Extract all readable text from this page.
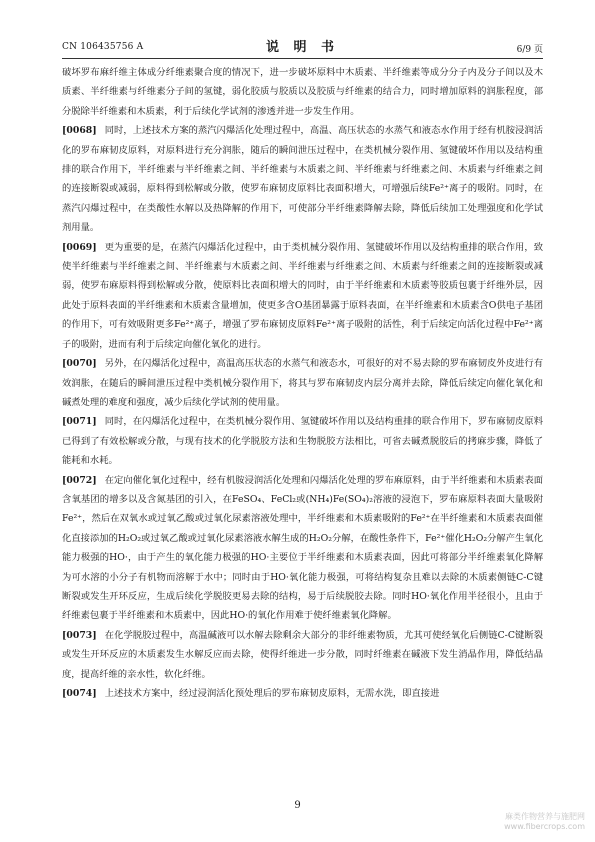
CN 106435756 A	说 明 书	6/9 页

破坏罗布麻纤维主体成分纤维素聚合度的情况下，进一步破坏原料中木质素、半纤维素等成分分子内及分子间以及木质素、半纤维素与纤维素分子间的氢键，弱化胶质与胶质以及胶质与纤维素的结合力，同时增加原料的润胀程度，部分脱除半纤维素和木质素，利于后续化学试剂的渗透并进一步发生作用。

[0068] 同时，上述技术方案的蒸汽闪爆活化处理过程中，高温、高压状态的水蒸气和液态水作用于经有机胺浸润活化的罗布麻韧皮原料，对原料进行充分润胀，随后的瞬间泄压过程中，在类机械分裂作用、氢键破坏作用以及结构重排的联合作用下，半纤维素与半纤维素之间、半纤维素与木质素之间、半纤维素与纤维素之间、木质素与纤维素之间的连接断裂或减弱，原料得到松解或分散，使罗布麻韧皮原料比表面积增大，可增强后续Fe²⁺离子的吸附。同时，在蒸汽闪爆过程中，在类酸性水解以及热降解的作用下，可使部分半纤维素降解去除，降低后续加工处理强度和化学试剂用量。

[0069] 更为重要的是，在蒸汽闪爆活化过程中，由于类机械分裂作用、氢键破坏作用以及结构重排的联合作用，致使半纤维素与半纤维素之间、半纤维素与木质素之间、半纤维素与纤维素之间、木质素与纤维素之间的连接断裂或减弱，使罗布麻原料得到松解或分散，使原料比表面积增大的同时，由于半纤维素和木质素等胶质包裹于纤维外层，因此处于原料表面的半纤维素和木质素含量增加，使更多含O基团暴露于原料表面，在半纤维素和木质素含O供电子基团的作用下，可有效吸附更多Fe²⁺离子，增强了罗布麻韧皮原料Fe²⁺离子吸附的活性，利于后续定向活化过程中Fe²⁺离子的吸附，进而有利于后续定向催化氧化的进行。

[0070] 另外，在闪爆活化过程中，高温高压状态的水蒸气和液态水，可很好的对不易去除的罗布麻韧皮外皮进行有效润胀，在随后的瞬间泄压过程中类机械分裂作用下，将其与罗布麻韧皮内层分离并去除，降低后续定向催化氧化和碱煮处理的难度和强度，减少后续化学试剂的使用量。

[0071] 同时，在闪爆活化过程中，在类机械分裂作用、氢键破坏作用以及结构重排的联合作用下，罗布麻韧皮原料已得到了有效松解或分散，与现有技术的化学脱胶方法和生物脱胶方法相比，可省去碱煮脱胶后的拷麻步骤，降低了能耗和水耗。

[0072] 在定向催化氧化过程中，经有机胺浸润活化处理和闪爆活化处理的罗布麻原料，由于半纤维素和木质素表面含氧基团的增多以及含氮基团的引入，在FeSO₄、FeCl₂或(NH₄)Fe(SO₄)₂溶液的浸泡下，罗布麻原料表面大量吸附Fe²⁺，然后在双氧水或过氧乙酸或过氧化尿素溶液处理中，半纤维素和木质素吸附的Fe²⁺在半纤维素和木质素表面催化直接添加的H₂O₂或过氧乙酸或过氧化尿素溶液水解生成的H₂O₂分解，在酸性条件下，Fe²⁺催化H₂O₂分解产生氧化能力极强的HO·，由于产生的氧化能力极强的HO·主要位于半纤维素和木质素表面，因此可将部分半纤维素氧化降解为可水溶的小分子有机物而溶解于水中；同时由于HO·氧化能力极强，可将结构复杂且难以去除的木质素侧链C-C键断裂或发生开环反应，生成后续化学脱胶更易去除的结构，易于后续脱胶去除。同时HO·氧化作用半径很小，且由于纤维素包裹于半纤维素和木质素中，因此HO·的氧化作用难于使纤维素氧化降解。

[0073] 在化学脱胶过程中，高温碱液可以水解去除剩余大部分的非纤维素物质，尤其可使经氧化后侧链C-C键断裂或发生开环反应的木质素发生水解反应而去除，使得纤维进一步分散，同时纤维素在碱液下发生消晶作用，降低结晶度，提高纤维的亲水性，软化纤维。

[0074] 上述技术方案中，经过浸润活化预处理后的罗布麻韧皮原料，无需水洗，即直接进

9
麻类作物营养与施肥网
www.fibercrops.com
